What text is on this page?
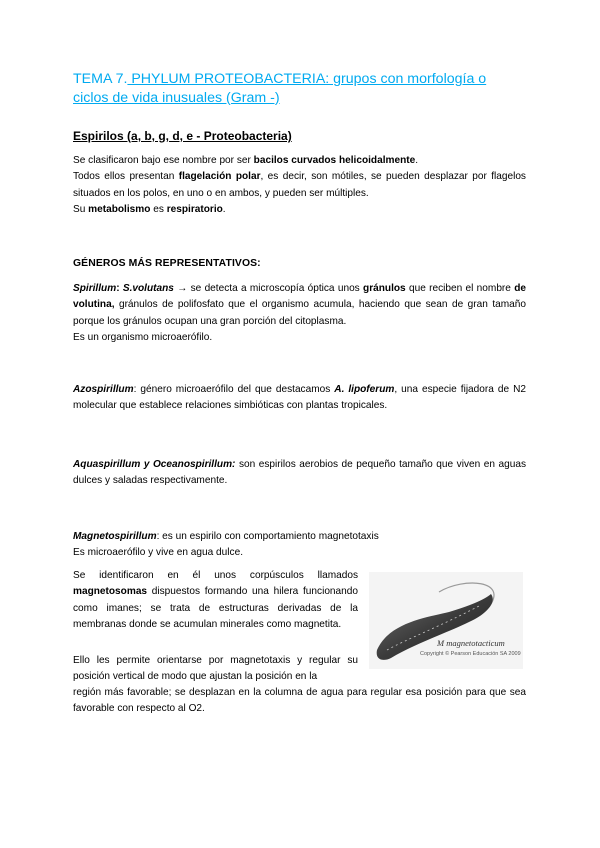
TEMA 7. PHYLUM PROTEOBACTERIA: grupos con morfología o
ciclos de vida inusuales (Gram -)
Espirilos (a, b, g, d, e - Proteobacteria)

Se clasificaron bajo ese nombre por ser bacilos curvados helicoidalmente.

Todos ellos presentan flagelación polar, es decir, son mótiles, se pueden desplazar por flagelos situados en los polos, en uno o en ambos, y pueden ser múltiples.

Su metabolismo es respiratorio.

GÉNEROS MÁS REPRESENTATIVOS:

Spirillum: S.volutans → se detecta a microscopía óptica unos gránulos que reciben el nombre de volutina, gránulos de polifosfato que el organismo acumula, haciendo que sean de gran tamaño porque los gránulos ocupan una gran porción del citoplasma.

Es un organismo microaerófilo.

Azospirillum: género microaerófilo del que destacamos A. lipoferum, una especie fijadora de N2 molecular que establece relaciones simbióticas con plantas tropicales.

Aquaspirillum y Oceanospirillum: son espirilos aerobios de pequeño tamaño que viven en aguas dulces y saladas respectivamente.

Magnetospirillum: es un espirilo con comportamiento magnetotaxis

Es microaerófilo y vive en agua dulce.

Se identificaron en él unos corpúsculos llamados magnetosomas dispuestos formando una hilera funcionando como imanes; se trata de estructuras derivadas de la membranas donde se acumulan minerales como magnetita.

Ello les permite orientarse por magnetotaxis y regular su posición vertical de modo que ajustan la posición en la
región más favorable; se desplazan en la columna de agua para regular esa posición para que sea favorable con respecto al O2.
M magnetotacticum
Copyright © Pearson Educación SA 2009
